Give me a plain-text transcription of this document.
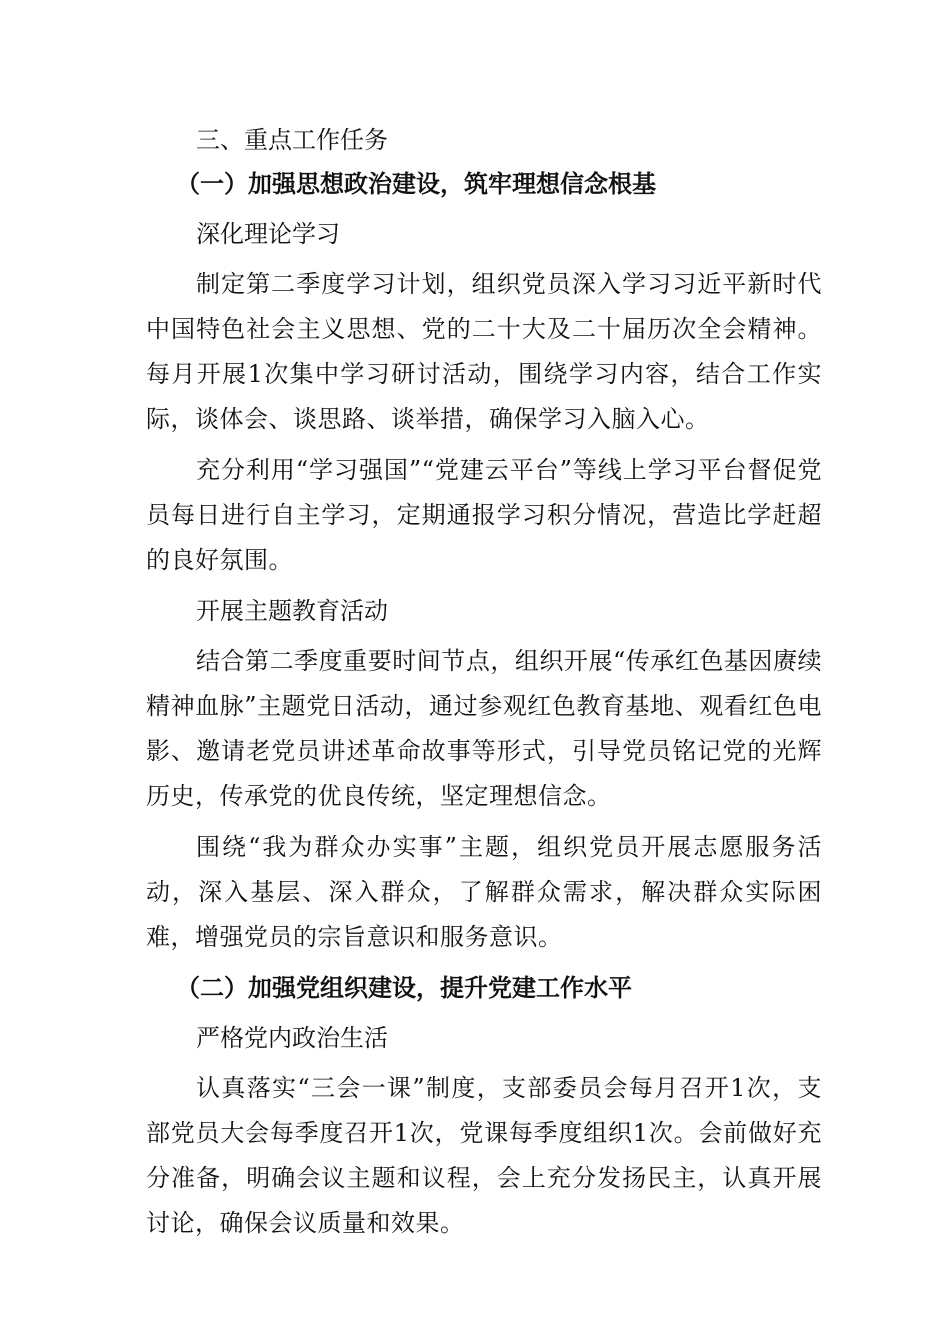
三、重点工作任务
（一）加强思想政治建设，筑牢理想信念根基
深化理论学习

制定第二季度学习计划，组织党员深入学习习近平新时代中国特色社会主义思想、党的二十大及二十届历次全会精神。每月开展1次集中学习研讨活动，围绕学习内容，结合工作实际，谈体会、谈思路、谈举措，确保学习入脑入心。

充分利用“学习强国”“党建云平台”等线上学习平台督促党员每日进行自主学习，定期通报学习积分情况，营造比学赶超的良好氛围。

开展主题教育活动

结合第二季度重要时间节点，组织开展“传承红色基因赓续精神血脉”主题党日活动，通过参观红色教育基地、观看红色电影、邀请老党员讲述革命故事等形式，引导党员铭记党的光辉历史，传承党的优良传统，坚定理想信念。

围绕“我为群众办实事”主题，组织党员开展志愿服务活动，深入基层、深入群众，了解群众需求，解决群众实际困难，增强党员的宗旨意识和服务意识。

（二）加强党组织建设，提升党建工作水平
严格党内政治生活

认真落实“三会一课”制度，支部委员会每月召开1次，支部党员大会每季度召开1次，党课每季度组织1次。会前做好充分准备，明确会议主题和议程，会上充分发扬民主，认真开展讨论，确保会议质量和效果。
